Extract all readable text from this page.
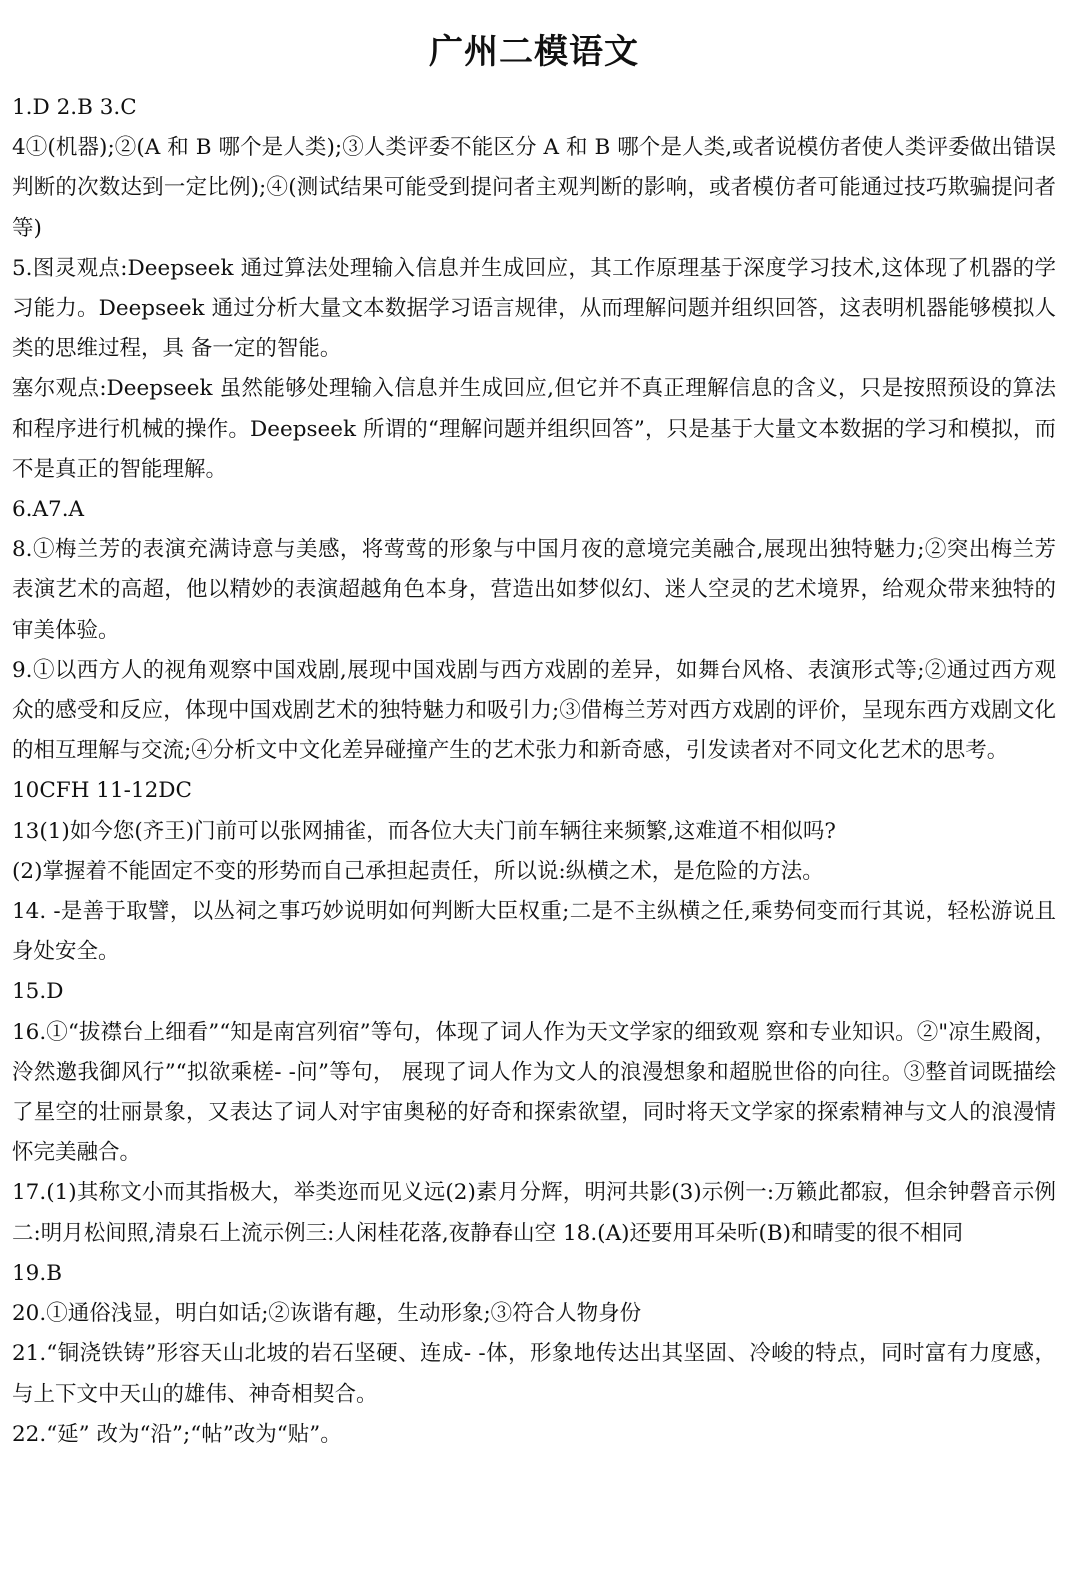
广州二模语文

1.D 2.B 3.C

4①(机器);②(A 和 B 哪个是人类);③人类评委不能区分 A 和 B 哪个是人类,或者说模仿者使人类评委做出错误判断的次数达到一定比例);④(测试结果可能受到提问者主观判断的影响，或者模仿者可能通过技巧欺骗提问者等)

5.图灵观点:Deepseek 通过算法处理输入信息并生成回应，其工作原理基于深度学习技术,这体现了机器的学习能力。Deepseek 通过分析大量文本数据学习语言规律，从而理解问题并组织回答，这表明机器能够模拟人类的思维过程，具 备一定的智能。

塞尔观点:Deepseek 虽然能够处理输入信息并生成回应,但它并不真正理解信息的含义，只是按照预设的算法和程序进行机械的操作。Deepseek 所谓的“理解问题并组织回答”，只是基于大量文本数据的学习和模拟，而不是真正的智能理解。

6.A7.A

8.①梅兰芳的表演充满诗意与美感，将莺莺的形象与中国月夜的意境完美融合,展现出独特魅力;②突出梅兰芳表演艺术的高超，他以精妙的表演超越角色本身，营造出如梦似幻、迷人空灵的艺术境界，给观众带来独特的审美体验。

9.①以西方人的视角观察中国戏剧,展现中国戏剧与西方戏剧的差异，如舞台风格、表演形式等;②通过西方观众的感受和反应，体现中国戏剧艺术的独特魅力和吸引力;③借梅兰芳对西方戏剧的评价，呈现东西方戏剧文化的相互理解与交流;④分析文中文化差异碰撞产生的艺术张力和新奇感，引发读者对不同文化艺术的思考。

10CFH 11-12DC

13(1)如今您(齐王)门前可以张网捕雀，而各位大夫门前车辆往来频繁,这难道不相似吗?

(2)掌握着不能固定不变的形势而自己承担起责任，所以说:纵横之术，是危险的方法。

14. -是善于取譬，以丛祠之事巧妙说明如何判断大臣权重;二是不主纵横之任,乘势伺变而行其说，轻松游说且身处安全。

15.D

16.①“拔襟台上细看”“知是南宫列宿”等句，体现了词人作为天文学家的细致观 察和专业知识。②"凉生殿阁，泠然邀我御风行”“拟欲乘槎- -问”等句， 展现了词人作为文人的浪漫想象和超脱世俗的向往。③整首词既描绘了星空的壮丽景象，又表达了词人对宇宙奥秘的好奇和探索欲望，同时将天文学家的探索精神与文人的浪漫情怀完美融合。

17.(1)其称文小而其指极大，举类迩而见义远(2)素月分辉，明河共影(3)示例一:万籁此都寂，但余钟磬音示例二:明月松间照,清泉石上流示例三:人闲桂花落,夜静春山空 18.(A)还要用耳朵听(B)和晴雯的很不相同

19.B

20.①通俗浅显，明白如话;②诙谐有趣，生动形象;③符合人物身份

21.“铜浇铁铸”形容天山北坡的岩石坚硬、连成- -体，形象地传达出其坚固、冷峻的特点，同时富有力度感，与上下文中天山的雄伟、神奇相契合。

22.“延” 改为“沿”;“帖”改为“贴”。
